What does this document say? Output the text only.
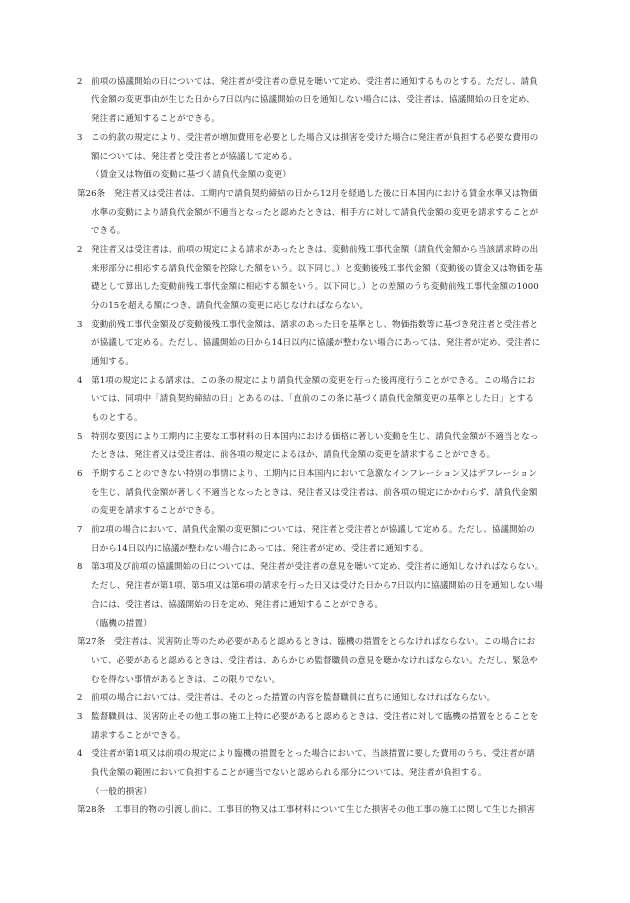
2　前項の協議開始の日については、発注者が受注者の意見を聴いて定め、受注者に通知するものとする。ただし、請負
代金額の変更事由が生じた日から7日以内に協議開始の日を通知しない場合には、受注者は、協議開始の日を定め、
発注者に通知することができる。
3　この約款の規定により、受注者が増加費用を必要とした場合又は損害を受けた場合に発注者が負担する必要な費用の
額については、発注者と受注者とが協議して定める。
（賃金又は物価の変動に基づく請負代金額の変更）
第26条　発注者又は受注者は、工期内で請負契約締結の日から12月を経過した後に日本国内における賃金水準又は物価
水準の変動により請負代金額が不適当となったと認めたときは、相手方に対して請負代金額の変更を請求することが
できる。
2　発注者又は受注者は、前項の規定による請求があったときは、変動前残工事代金額（請負代金額から当該請求時の出
来形部分に相応する請負代金額を控除した額をいう。以下同じ。）と変動後残工事代金額（変動後の賃金又は物価を基
礎として算出した変動前残工事代金額に相応する額をいう。以下同じ。）との差額のうち変動前残工事代金額の1000
分の15を超える額につき、請負代金額の変更に応じなければならない。
3　変動前残工事代金額及び変動後残工事代金額は、請求のあった日を基準とし、物価指数等に基づき発注者と受注者と
が協議して定める。ただし、協議開始の日から14日以内に協議が整わない場合にあっては、発注者が定め、受注者に
通知する。
4　第1項の規定による請求は、この条の規定により請負代金額の変更を行った後再度行うことができる。この場合にお
いては、同項中「請負契約締結の日」とあるのは、「直前のこの条に基づく請負代金額変更の基準とした日」とする
ものとする。
5　特別な要因により工期内に主要な工事材料の日本国内における価格に著しい変動を生じ、請負代金額が不適当となっ
たときは、発注者又は受注者は、前各項の規定によるほか、請負代金額の変更を請求することができる。
6　予期することのできない特別の事情により、工期内に日本国内において急激なインフレーション又はデフレーション
を生じ、請負代金額が著しく不適当となったときは、発注者又は受注者は、前各項の規定にかかわらず、請負代金額
の変更を請求することができる。
7　前2項の場合において、請負代金額の変更額については、発注者と受注者とが協議して定める。ただし、協議開始の
日から14日以内に協議が整わない場合にあっては、発注者が定め、受注者に通知する。
8　第3項及び前項の協議開始の日については、発注者が受注者の意見を聴いて定め、受注者に通知しなければならない。
ただし、発注者が第1項、第5項又は第6項の請求を行った日又は受けた日から7日以内に協議開始の日を通知しない場
合には、受注者は、協議開始の日を定め、発注者に通知することができる。
（臨機の措置）
第27条　受注者は、災害防止等のため必要があると認めるときは、臨機の措置をとらなければならない。この場合にお
いて、必要があると認めるときは、受注者は、あらかじめ監督職員の意見を聴かなければならない。ただし、緊急や
むを得ない事情があるときは、この限りでない。
2　前項の場合においては、受注者は、そのとった措置の内容を監督職員に直ちに通知しなければならない。
3　監督職員は、災害防止その他工事の施工上特に必要があると認めるときは、受注者に対して臨機の措置をとることを
請求することができる。
4　受注者が第1項又は前項の規定により臨機の措置をとった場合において、当該措置に要した費用のうち、受注者が請
負代金額の範囲において負担することが適当でないと認められる部分については、発注者が負担する。
（一般的損害）
第28条　工事目的物の引渡し前に、工事目的物又は工事材料について生じた損害その他工事の施工に関して生じた損害
